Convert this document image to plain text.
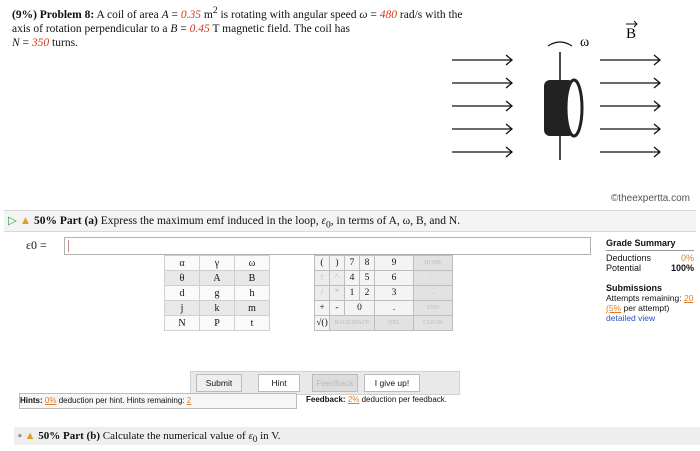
(9%) Problem 8: A coil of area A = 0.35 $m^2$ is rotating with angular speed ω = 480 rad/s with the axis of rotation perpendicular to a B = 0.45 T magnetic field. The coil has
N = 350 turns.	ω
B
©theexpertta.com
▷ ▲ 50% Part (a) Express the maximum emf induced in the loop, $\varepsilon_0$, in terms of A, ω, B, and N.
ε0 =	Grade Summary
Deductions	0%
Potential	100%
Submissions
Attempts remaining: 20
(5% per attempt)
detailed view
α	γ	ω
θ	A	B
d	g	h
j	k	m
N	P	t
(	)	7	8	9	HOME
↑	^	4	5	6	←
/	*	1	2	3	→
+	-	0		.	END
√()	BACKSPACE			DEL	CLEAR
Submit	Hint	Feedback	I give up!
Hints: 0% deduction per hint. Hints remaining: 2	Feedback: 2% deduction per feedback.
▪ ▲ 50% Part (b) Calculate the numerical value of $\varepsilon_0$ in V.
